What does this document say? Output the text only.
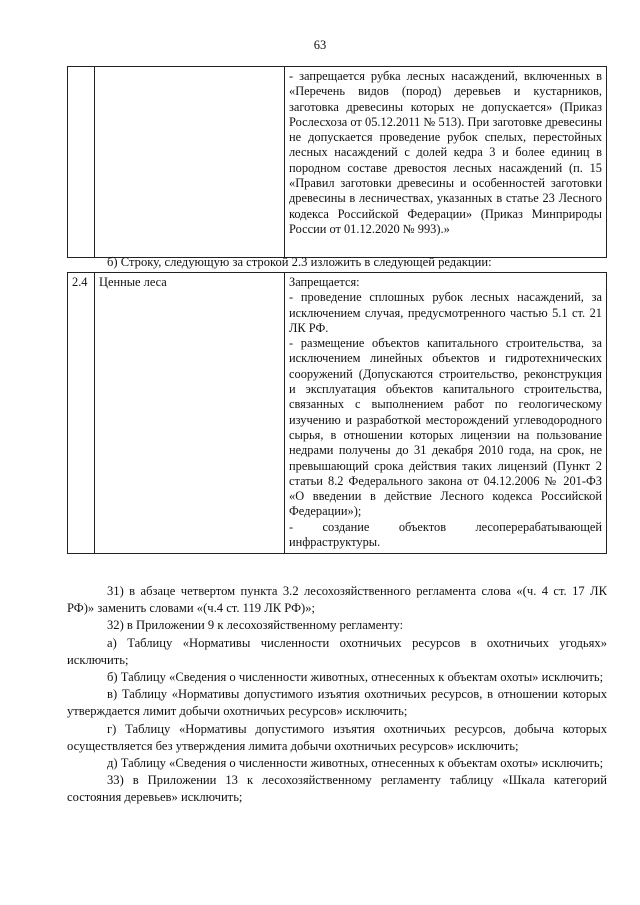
63
		- запрещается рубка лесных насаждений, включенных в «Перечень видов (пород) деревьев и кустарников, заготовка древесины которых не допускается» (Приказ Рослесхоза от 05.12.2011 № 513). При заготовке древесины не допускается проведение рубок спелых, перестойных лесных насаждений с долей кедра 3 и более единиц в породном составе древостоя лесных насаждений (п. 15 «Правил заготовки древесины и особенностей заготовки древесины в лесничествах, указанных в статье 23 Лесного кодекса Российской Федерации» (Приказ Минприроды России от 01.12.2020 № 993).»

б) Строку, следующую за строкой 2.3 изложить в следующей редакции:

2.4	Ценные леса	Запрещается:
- проведение сплошных рубок лесных насаждений, за исключением случая, предусмотренного частью 5.1 ст. 21 ЛК РФ.
- размещение объектов капитального строительства, за исключением линейных объектов и гидротехнических сооружений (Допускаются строительство, реконструкция и эксплуатация объектов капитального строительства, связанных с выполнением работ по геологическому изучению и разработкой месторождений углеводородного сырья, в отношении которых лицензии на пользование недрами получены до 31 декабря 2010 года, на срок, не превышающий срока действия таких лицензий (Пункт 2 статьи 8.2 Федерального закона от 04.12.2006 № 201-ФЗ «О введении в действие Лесного кодекса Российской Федерации»);
- создание объектов лесоперерабатывающей инфраструктуры.

31) в абзаце четвертом пункта 3.2 лесохозяйственного регламента слова «(ч. 4 ст. 17 ЛК РФ)» заменить словами «(ч.4 ст. 119 ЛК РФ)»;

32) в Приложении 9 к лесохозяйственному регламенту:

а) Таблицу «Нормативы численности охотничьих ресурсов в охотничьих угодьях» исключить;

б) Таблицу «Сведения о численности животных, отнесенных к объектам охоты» исключить;

в) Таблицу «Нормативы допустимого изъятия охотничьих ресурсов, в отношении которых утверждается лимит добычи охотничьих ресурсов» исключить;

г) Таблицу «Нормативы допустимого изъятия охотничьих ресурсов, добыча которых осуществляется без утверждения лимита добычи охотничьих ресурсов» исключить;

д) Таблицу «Сведения о численности животных, отнесенных к объектам охоты» исключить;

33) в Приложении 13 к лесохозяйственному регламенту таблицу «Шкала категорий состояния деревьев» исключить;
